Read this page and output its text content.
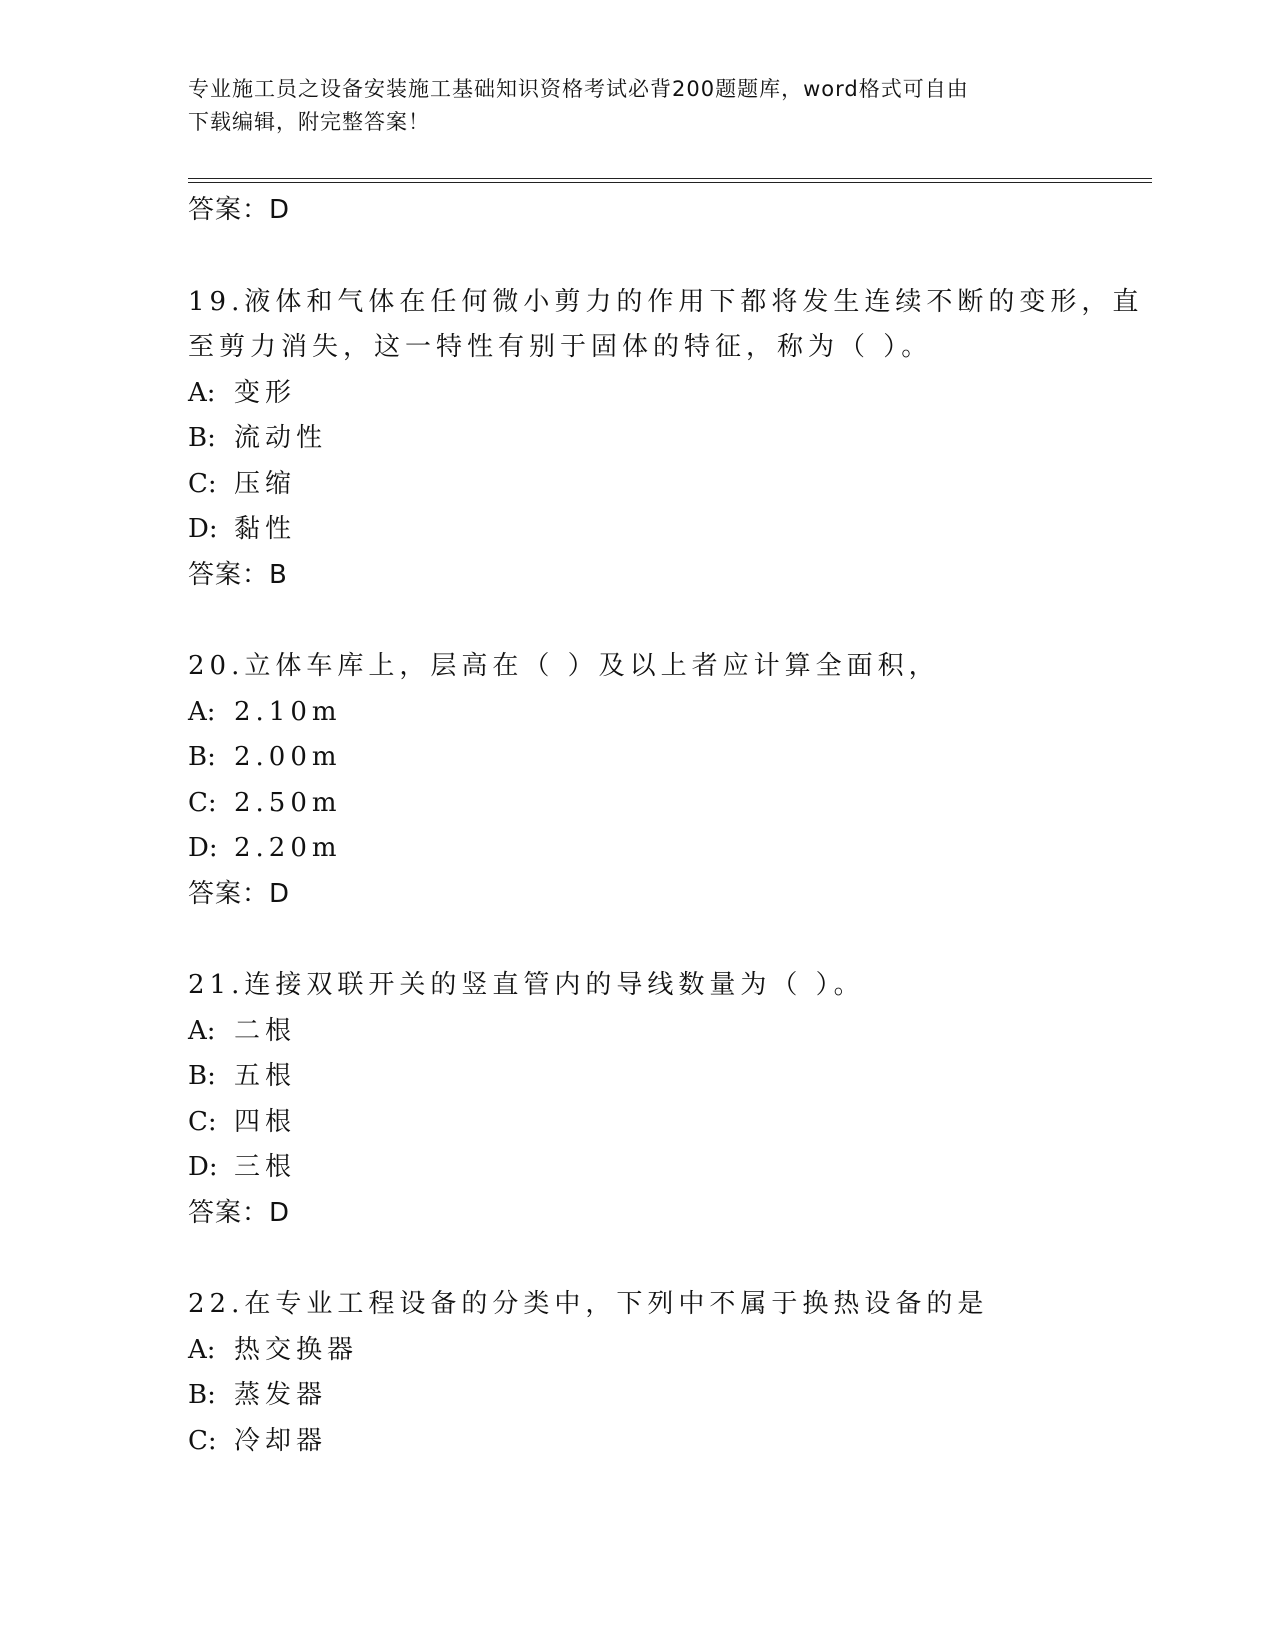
专业施工员之设备安装施工基础知识资格考试必背200题题库，word格式可自由
下载编辑，附完整答案！
答案：D
19.液体和气体在任何微小剪力的作用下都将发生连续不断的变形，直
至剪力消失，这一特性有别于固体的特征，称为（ ）。
A: 变形
B: 流动性
C: 压缩
D: 黏性
答案：B
20.立体车库上，层高在（ ）及以上者应计算全面积，
A: 2.10m
B: 2.00m
C: 2.50m
D: 2.20m
答案：D
21.连接双联开关的竖直管内的导线数量为（ ）。
A: 二根
B: 五根
C: 四根
D: 三根
答案：D
22.在专业工程设备的分类中，下列中不属于换热设备的是
A: 热交换器
B: 蒸发器
C: 冷却器
